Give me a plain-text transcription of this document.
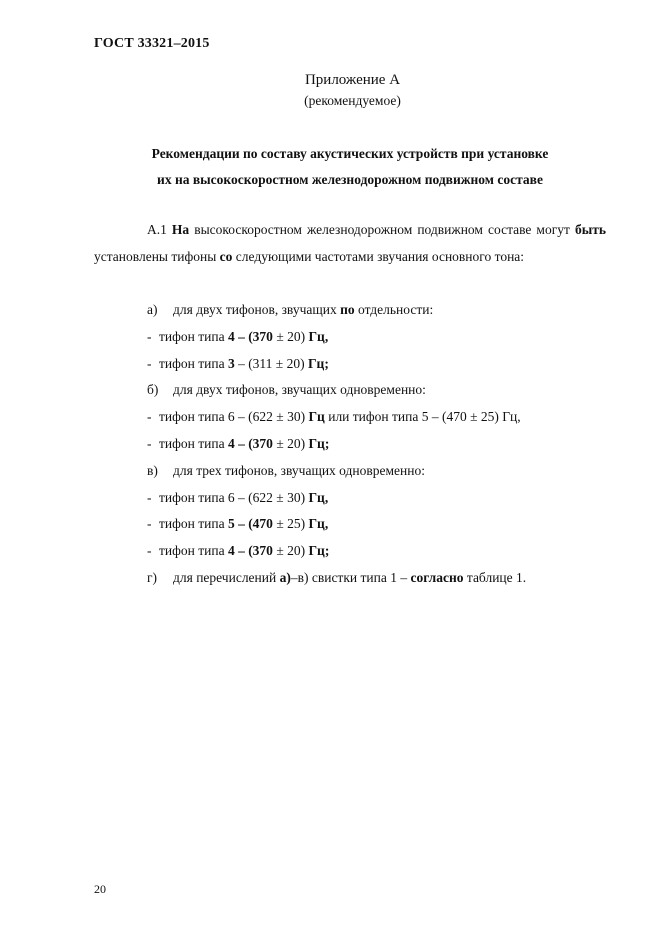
ГОСТ 33321–2015
Приложение А
(рекомендуемое)
Рекомендации по составу акустических устройств при установке
их на высокоскоростном железнодорожном подвижном составе

А.1 На высокоскоростном железнодорожном подвижном составе могут быть установлены тифоны со следующими частотами звучания основного тона:

а) для двух тифонов, звучащих по отдельности:
- тифон типа 4 – (370 ± 20) Гц,
- тифон типа 3 – (311 ± 20) Гц;
б) для двух тифонов, звучащих одновременно:
- тифон типа 6 – (622 ± 30) Гц или тифон типа 5 – (470 ± 25) Гц,
- тифон типа 4 – (370 ± 20) Гц;
в) для трех тифонов, звучащих одновременно:
- тифон типа 6 – (622 ± 30) Гц,
- тифон типа 5 – (470 ± 25) Гц,
- тифон типа 4 – (370 ± 20) Гц;
г) для перечислений а)–в) свистки типа 1 – согласно таблице 1.
20
